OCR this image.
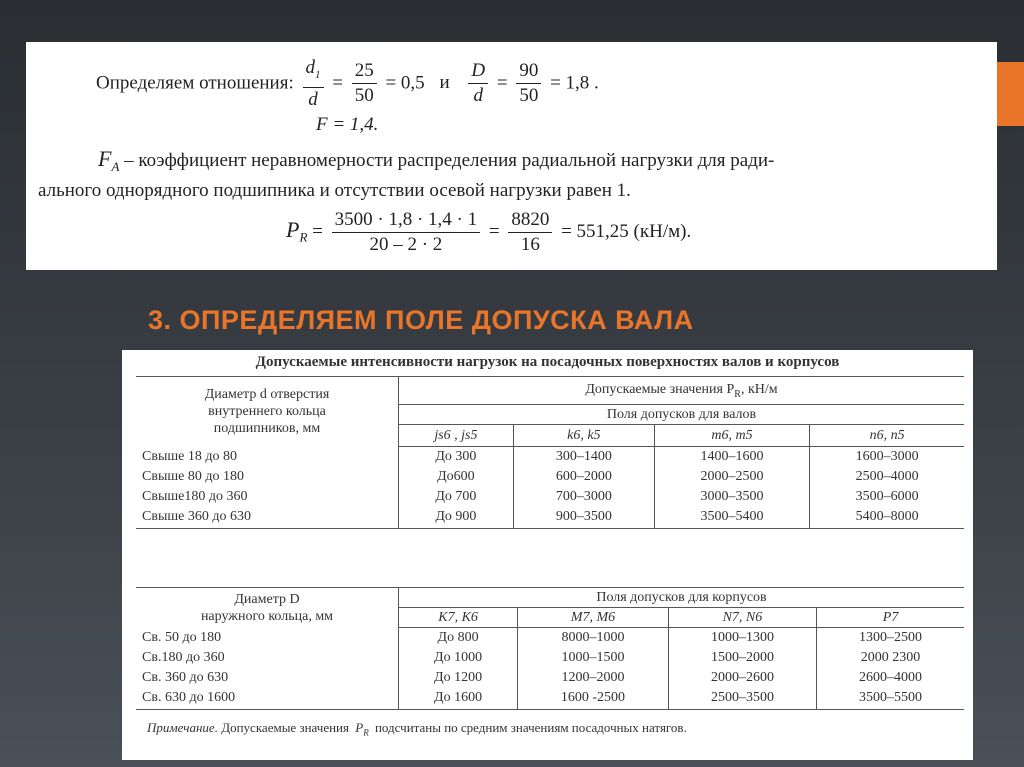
Определяем отношения: $\frac{d_1}{d} = \frac{25}{50} = 0,5$ и $\frac{D}{d} = \frac{90}{50} = 1,8$ .
F = 1,4.
$F_A$ – коэффициент неравномерности распределения радиальной нагрузки для ради-
ального однорядного подшипника и отсутствии осевой нагрузки равен 1.
$P_R = \frac{3500 \cdot 1,8 \cdot 1,4 \cdot 1}{20 - 2 \cdot 2} = \frac{8820}{16} = 551,25$ (кН/м).
3. ОПРЕДЕЛЯЕМ ПОЛЕ ДОПУСКА ВАЛА
Допускаемые интенсивности нагрузок на посадочных поверхностях валов и корпусов
Диаметр d отверстия
внутреннего кольца
подшипников, мм	Допускаемые значения $P_R$, кН/м			
	Поля допусков для валов			
	js6 , js5	k6, k5	m6, m5	n6, n5
Свыше 18 до 80	До 300	300–1400	1400–1600	1600–3000
Свыше 80 до 180	До600	600–2000	2000–2500	2500–4000
Свыше180 до 360	До 700	700–3000	3000–3500	3500–6000
Свыше 360 до 630	До 900	900–3500	3500–5400	5400–8000
Диаметр D
наружного кольца, мм	Поля допусков для корпусов			
	K7, K6	M7, M6	N7, N6	P7
Св. 50 до 180	До 800	8000–1000	1000–1300	1300–2500
Св.180 до 360	До 1000	1000–1500	1500–2000	2000 2300
Св. 360 до 630	До 1200	1200–2000	2000–2600	2600–4000
Св. 630 до 1600	До 1600	1600 -2500	2500–3500	3500–5500
Примечание. Допускаемые значения $P_R$ подсчитаны по средним значениям посадочных натягов.
